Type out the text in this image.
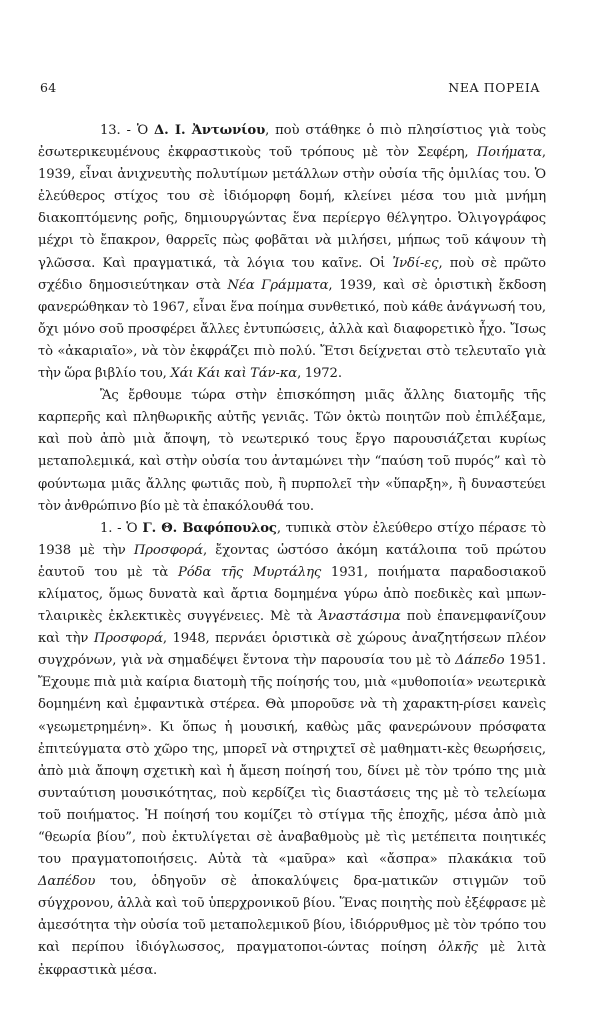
64	ΝΕΑ ΠΟΡΕΙΑ

13. - Ὁ Δ. Ι. Ἀντωνίου, ποὺ στάθηκε ὁ πιὸ πλησίστιος γιὰ τοὺς ἐσωτερικευμένους ἐκφραστικοὺς τοῦ τρόπους μὲ τὸν Σεφέρη, Ποιήματα, 1939, εἶναι ἀνιχνευτὴς πολυτίμων μετάλλων στὴν οὐσία τῆς ὁμιλίας του. Ὁ ἐλεύθερος στίχος του σὲ ἰδιόμορφη δομή, κλείνει μέσα του μιὰ μνήμη διακοπτόμενης ροῆς, δημιουργώντας ἕνα περίεργο θέλγητρο. Ὀλιγογράφος μέχρι τὸ ἔπακρον, θαρρεῖς πὼς φοβᾶται νὰ μιλήσει, μήπως τοῦ κάψουν τὴ γλῶσσα. Καὶ πραγματικά, τὰ λόγια του καῖνε. Οἱ Ἰνδί-ες, ποὺ σὲ πρῶτο σχέδιο δημοσιεύτηκαν στὰ Νέα Γράμματα, 1939, καὶ σὲ ὁριστικὴ ἔκδοση φανερώθηκαν τὸ 1967, εἶναι ἕνα ποίημα συνθετικό, ποὺ κάθε ἀνάγνωσή του, ὄχι μόνο σοῦ προσφέρει ἄλλες ἐντυπώσεις, ἀλλὰ καὶ διαφορετικὸ ἦχο. Ἴσως τὸ «ἀκαριαῖο», νὰ τὸν ἐκφράζει πιὸ πολύ. Ἔτσι δείχνεται στὸ τελευταῖο γιὰ τὴν ὥρα βιβλίο του, Χάι Κάι καὶ Τάν-κα, 1972.

Ἂς ἔρθουμε τώρα στὴν ἐπισκόπηση μιᾶς ἄλλης διατομῆς τῆς καρπερῆς καὶ πληθωρικῆς αὐτῆς γενιᾶς. Τῶν ὀκτὼ ποιητῶν ποὺ ἐπιλέξαμε, καὶ ποὺ ἀπὸ μιὰ ἄποψη, τὸ νεωτερικό τους ἔργο παρουσιάζεται κυρίως μεταπολεμικά, καὶ στὴν οὐσία του ἀνταμώνει τὴν “παύση τοῦ πυρός” καὶ τὸ φούντωμα μιᾶς ἄλλης φωτιᾶς ποὺ, ἢ πυρπολεῖ τὴν «ὕπαρξη», ἢ δυναστεύει τὸν ἀνθρώπινο βίο μὲ τὰ ἐπακόλουθά του.

1. - Ὁ Γ. Θ. Βαφόπουλος, τυπικὰ στὸν ἐλεύθερο στίχο πέρασε τὸ 1938 μὲ τὴν Προσφορά, ἔχοντας ὡστόσο ἀκόμη κατάλοιπα τοῦ πρώτου ἑαυτοῦ του μὲ τὰ Ρόδα τῆς Μυρτάλης 1931, ποιήματα παραδοσιακοῦ κλίματος, ὅμως δυνατὰ καὶ ἄρτια δομημένα γύρω ἀπὸ ποεδικὲς καὶ μπων-τλαιρικὲς ἐκλεκτικὲς συγγένειες. Μὲ τὰ Ἀναστάσιμα ποὺ ἐπανεμφανίζουν καὶ τὴν Προσφορά, 1948, περνάει ὁριστικὰ σὲ χώρους ἀναζητήσεων πλέον συγχρόνων, γιὰ νὰ σημαδέψει ἔντονα τὴν παρουσία του μὲ τὸ Δάπεδο 1951. Ἔχουμε πιὰ μιὰ καίρια διατομὴ τῆς ποίησής του, μιὰ «μυθοποιία» νεωτερικὰ δομημένη καὶ ἐμφαντικὰ στέρεα. Θὰ μποροῦσε νὰ τὴ χαρακτη-ρίσει κανεὶς «γεωμετρημένη». Κι ὅπως ἡ μουσική, καθὼς μᾶς φανερώνουν πρόσφατα ἐπιτεύγματα στὸ χῶρο της, μπορεῖ νὰ στηριχτεῖ σὲ μαθηματι-κὲς θεωρήσεις, ἀπὸ μιὰ ἄποψη σχετικὴ καὶ ἡ ἄμεση ποίησή του, δίνει μὲ τὸν τρόπο της μιὰ συνταύτιση μουσικότητας, ποὺ κερδίζει τὶς διαστάσεις της μὲ τὸ τελείωμα τοῦ ποιήματος. Ἡ ποίησή του κομίζει τὸ στίγμα τῆς ἐποχῆς, μέσα ἀπὸ μιὰ “θεωρία βίου”, ποὺ ἐκτυλίγεται σὲ ἀναβαθμοὺς μὲ τὶς μετέπειτα ποιητικές του πραγματοποιήσεις. Αὐτὰ τὰ «μαῦρα» καὶ «ἄσπρα» πλακάκια τοῦ Δαπέδου του, ὁδηγοῦν σὲ ἀποκαλύψεις δρα-ματικῶν στιγμῶν τοῦ σύγχρονου, ἀλλὰ καὶ τοῦ ὑπερχρονικοῦ βίου. Ἕνας ποιητὴς ποὺ ἐξέφρασε μὲ ἀμεσότητα τὴν οὐσία τοῦ μεταπολεμικοῦ βίου, ἰδιόρρυθμος μὲ τὸν τρόπο του καὶ περίπου ἰδιόγλωσσος, πραγματοποι-ώντας ποίηση ὁλκῆς μὲ λιτὰ ἐκφραστικὰ μέσα.
